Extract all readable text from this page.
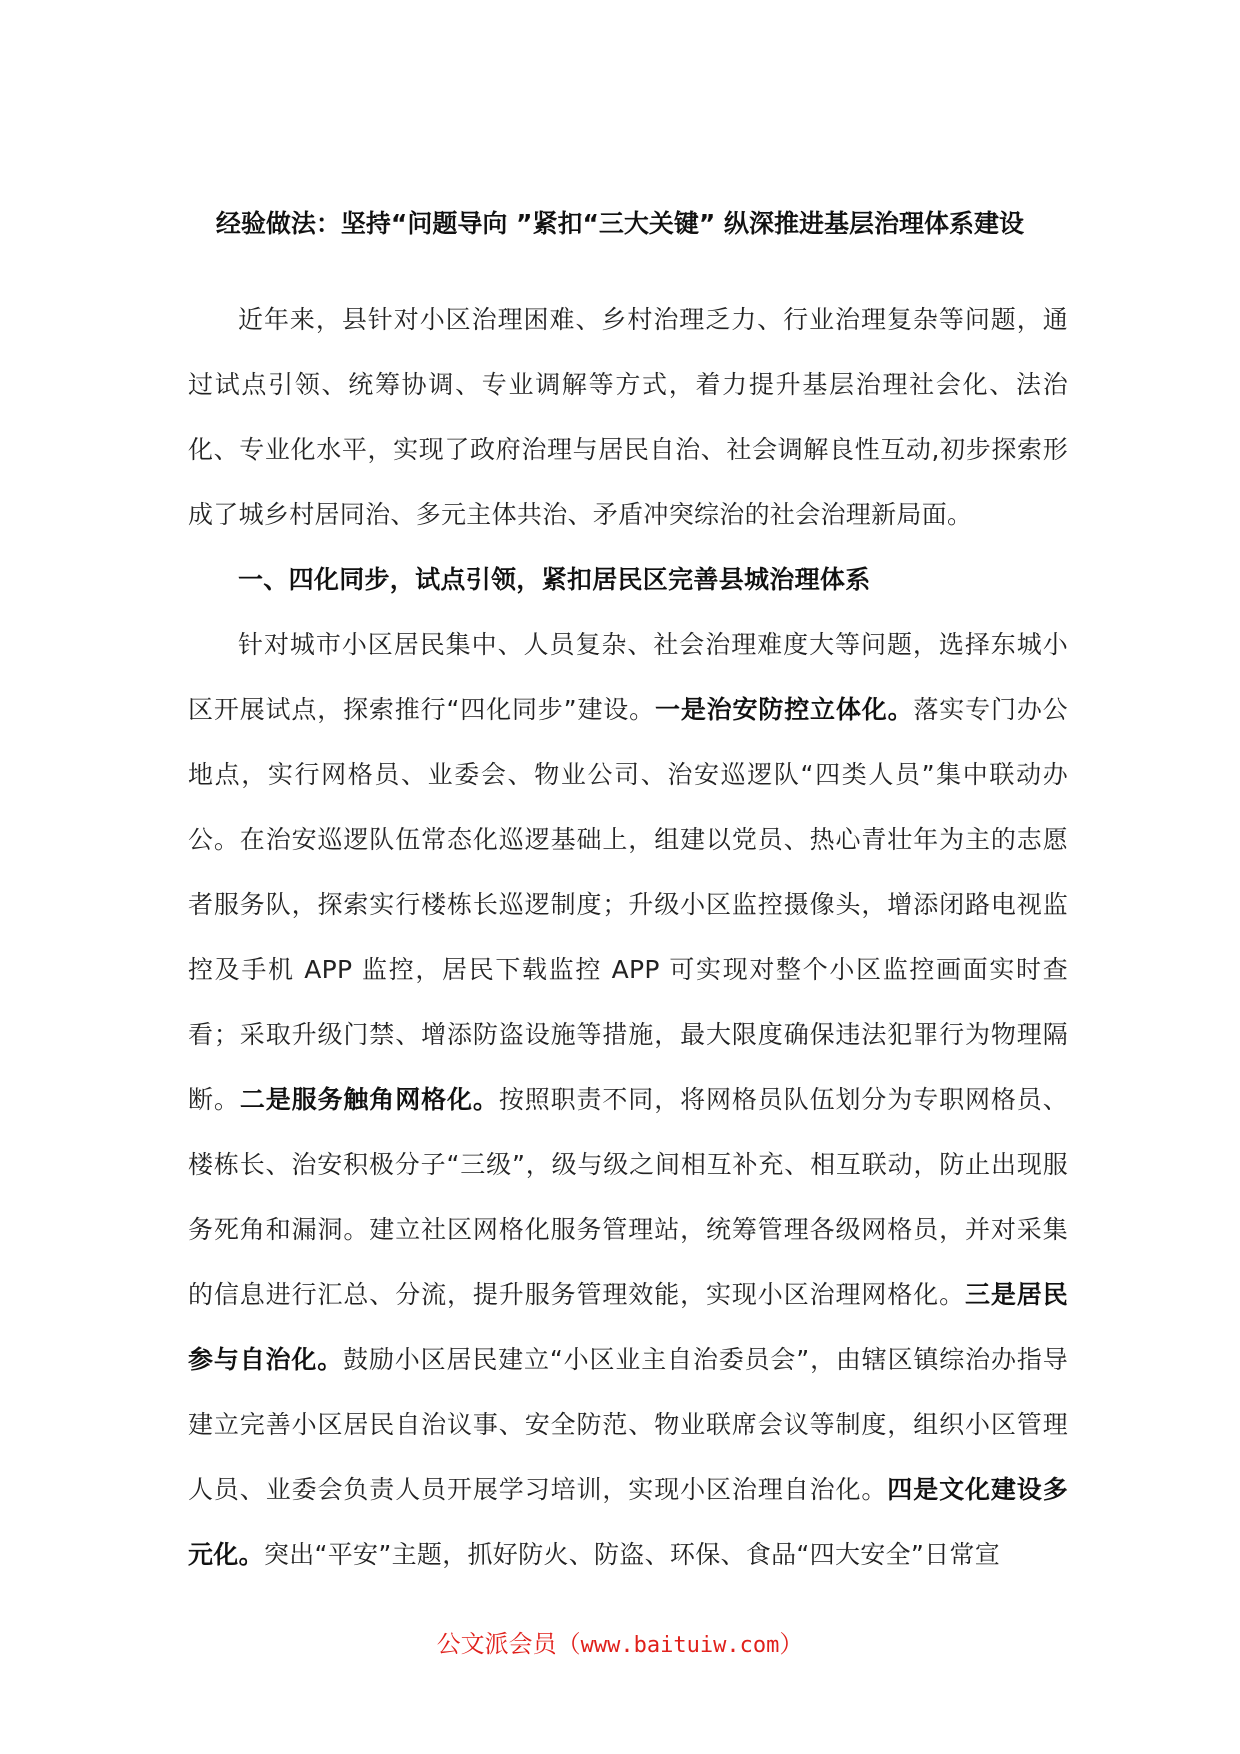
经验做法：坚持“问题导向 ”紧扣“三大关键” 纵深推进基层治理体系建设

近年来，县针对小区治理困难、乡村治理乏力、行业治理复杂等问题，通过试点引领、统筹协调、专业调解等方式，着力提升基层治理社会化、法治化、专业化水平，实现了政府治理与居民自治、社会调解良性互动,初步探索形成了城乡村居同治、多元主体共治、矛盾冲突综治的社会治理新局面。

一、四化同步，试点引领，紧扣居民区完善县城治理体系

针对城市小区居民集中、人员复杂、社会治理难度大等问题，选择东城小区开展试点，探索推行“四化同步”建设。一是治安防控立体化。落实专门办公地点，实行网格员、业委会、物业公司、治安巡逻队“四类人员”集中联动办公。在治安巡逻队伍常态化巡逻基础上，组建以党员、热心青壮年为主的志愿者服务队，探索实行楼栋长巡逻制度；升级小区监控摄像头，增添闭路电视监控及手机 APP 监控，居民下载监控 APP 可实现对整个小区监控画面实时查看；采取升级门禁、增添防盗设施等措施，最大限度确保违法犯罪行为物理隔断。二是服务触角网格化。按照职责不同，将网格员队伍划分为专职网格员、楼栋长、治安积极分子“三级”，级与级之间相互补充、相互联动，防止出现服务死角和漏洞。建立社区网格化服务管理站，统筹管理各级网格员，并对采集的信息进行汇总、分流，提升服务管理效能，实现小区治理网格化。三是居民参与自治化。鼓励小区居民建立“小区业主自治委员会”，由辖区镇综治办指导建立完善小区居民自治议事、安全防范、物业联席会议等制度，组织小区管理人员、业委会负责人员开展学习培训，实现小区治理自治化。四是文化建设多元化。突出“平安”主题，抓好防火、防盗、环保、食品“四大安全”日常宣

公文派会员（www.baituiw.com）
